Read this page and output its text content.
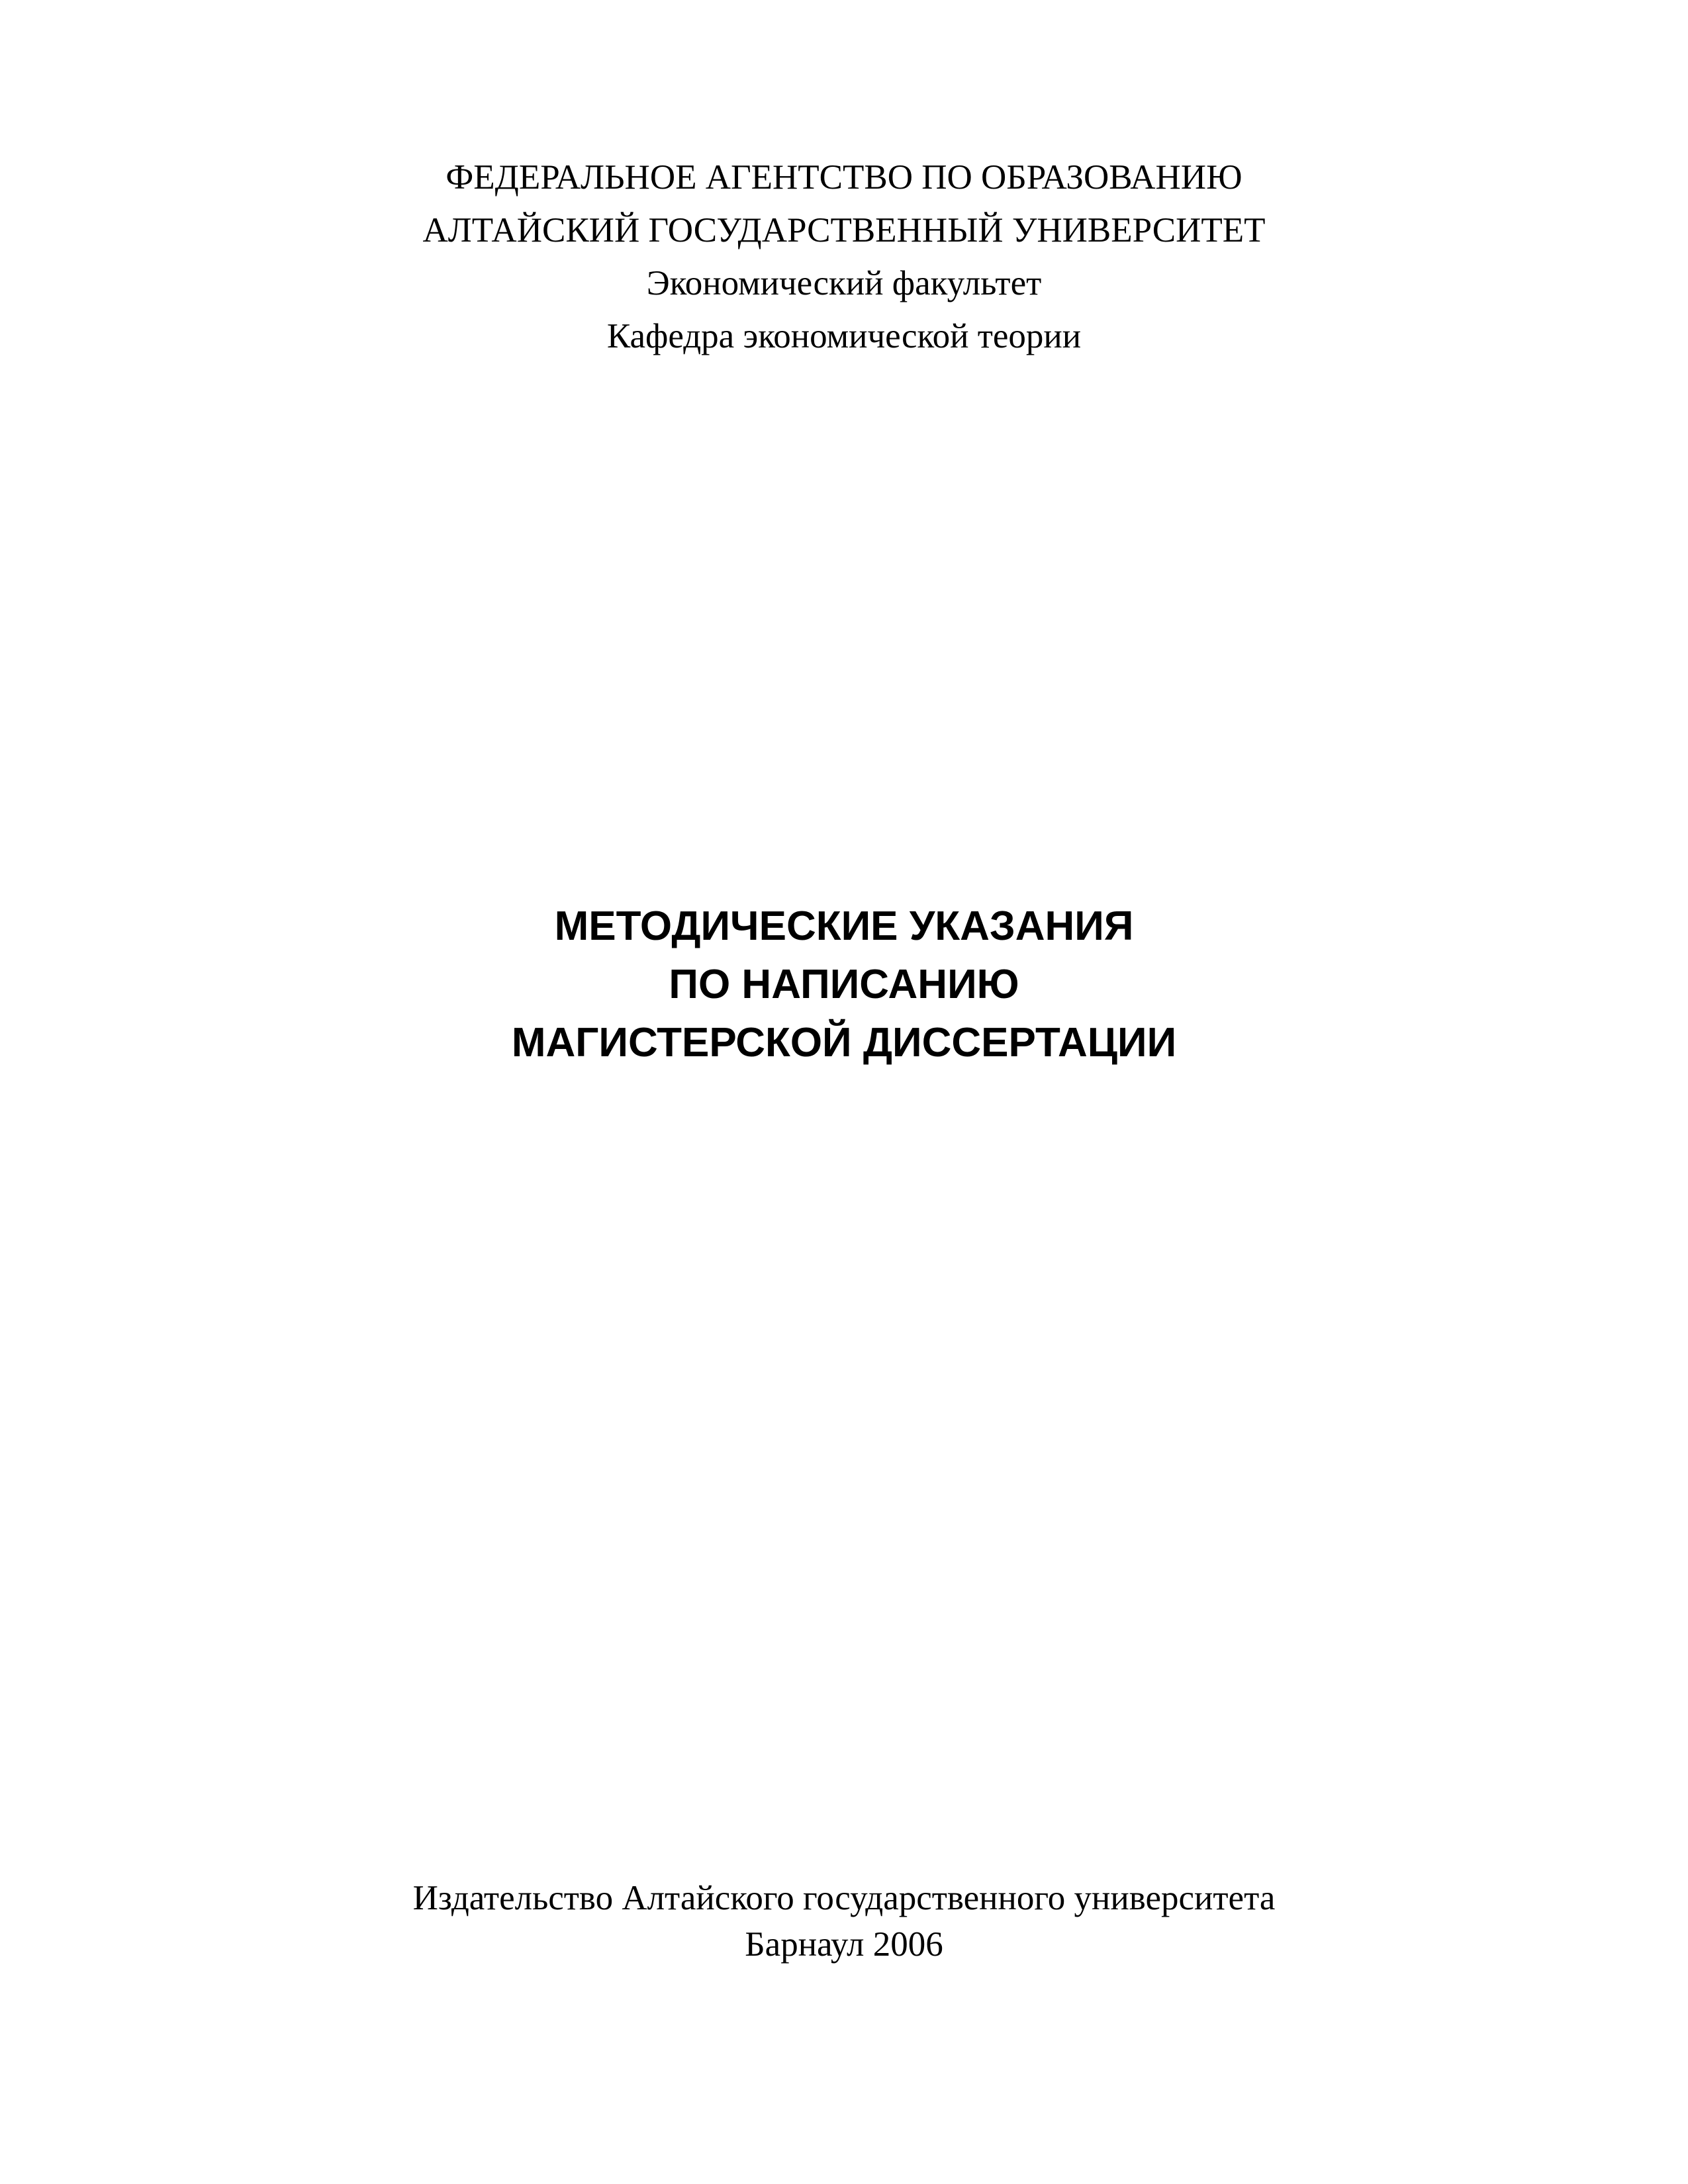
ФЕДЕРАЛЬНОЕ АГЕНТСТВО ПО ОБРАЗОВАНИЮ
АЛТАЙСКИЙ ГОСУДАРСТВЕННЫЙ УНИВЕРСИТЕТ
Экономический факультет
Кафедра экономической теории
МЕТОДИЧЕСКИЕ УКАЗАНИЯ
ПО НАПИСАНИЮ
МАГИСТЕРСКОЙ ДИССЕРТАЦИИ
Издательство Алтайского государственного университета
Барнаул 2006
